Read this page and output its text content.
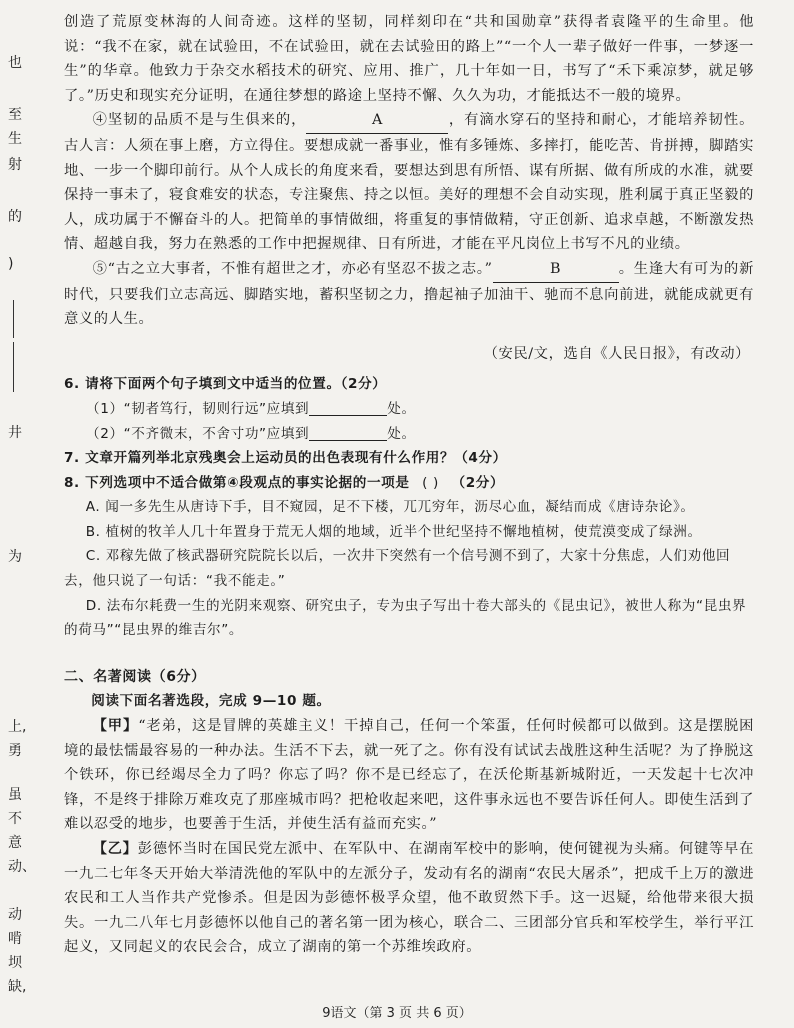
也
至
生
射
的
)
井
为
上,
勇
虽
不
意
动、
动
啃
坝
缺,

创造了荒原变林海的人间奇迹。这样的坚韧，同样刻印在“共和国勋章”获得者袁隆平的生命里。他说：“我不在家，就在试验田，不在试验田，就在去试验田的路上”“一个人一辈子做好一件事，一梦逐一生”的华章。他致力于杂交水稻技术的研究、应用、推广，几十年如一日，书写了“禾下乘凉梦，就足够了。”历史和现实充分证明，在通往梦想的路途上坚持不懈、久久为功，才能抵达不一般的境界。

④坚韧的品质不是与生俱来的，	A	，有滴水穿石的坚持和耐心，才能培养韧性。古人言：人须在事上磨，方立得住。要想成就一番事业，惟有多锤炼、多摔打，能吃苦、肯拼搏，脚踏实地、一步一个脚印前行。从个人成长的角度来看，要想达到思有所悟、谋有所据、做有所成的水准，就要保持一事未了，寝食难安的状态，专注聚焦、持之以恒。美好的理想不会自动实现，胜利属于真正坚毅的人，成功属于不懈奋斗的人。把简单的事情做细，将重复的事情做精，守正创新、追求卓越，不断激发热情、超越自我，努力在熟悉的工作中把握规律、日有所进，才能在平凡岗位上书写不凡的业绩。

⑤“古之立大事者，不惟有超世之才，亦必有坚忍不拔之志。”	B	。生逢大有可为的新时代，只要我们立志高远、脚踏实地，蓄积坚韧之力，撸起袖子加油干、驰而不息向前进，就能成就更有意义的人生。

（安民/文，选自《人民日报》，有改动）

6. 请将下面两个句子填到文中适当的位置。（2分）

（1）“韧者笃行，韧则行远”应填到	处。

（2）“不齐微末，不舍寸功”应填到	处。

7. 文章开篇列举北京残奥会上运动员的出色表现有什么作用？（4分）

8. 下列选项中不适合做第④段观点的事实论据的一项是 ( ) （2分）

A. 闻一多先生从唐诗下手，目不窥园，足不下楼，兀兀穷年，沥尽心血，凝结而成《唐诗杂论》。

B. 植树的牧羊人几十年置身于荒无人烟的地域，近半个世纪坚持不懈地植树，使荒漠变成了绿洲。

C. 邓稼先做了核武器研究院院长以后，一次井下突然有一个信号测不到了，大家十分焦虑，人们劝他回去，他只说了一句话：“我不能走。”

D. 法布尔耗费一生的光阴来观察、研究虫子，专为虫子写出十卷大部头的《昆虫记》，被世人称为“昆虫界的荷马”“昆虫界的维吉尔”。

二、名著阅读（6分）

阅读下面名著选段，完成 9—10 题。

【甲】“老弟，这是冒牌的英雄主义！干掉自己，任何一个笨蛋，任何时候都可以做到。这是摆脱困境的最怯懦最容易的一种办法。生活不下去，就一死了之。你有没有试试去战胜这种生活呢？为了挣脱这个铁环，你已经竭尽全力了吗？你忘了吗？你不是已经忘了，在沃伦斯基新城附近，一天发起十七次冲锋，不是终于排除万难攻克了那座城市吗？把枪收起来吧，这件事永远也不要告诉任何人。即使生活到了难以忍受的地步，也要善于生活，并使生活有益而充实。”

【乙】彭德怀当时在国民党左派中、在军队中、在湖南军校中的影响，使何键视为头痛。何键等早在一九二七年冬天开始大举清洗他的军队中的左派分子，发动有名的湖南“农民大屠杀”，把成千上万的激进农民和工人当作共产党惨杀。但是因为彭德怀极孚众望，他不敢贸然下手。这一迟疑，给他带来很大损失。一九二八年七月彭德怀以他自己的著名第一团为核心，联合二、三团部分官兵和军校学生，举行平江起义，又同起义的农民会合，成立了湖南的第一个苏维埃政府。

9语文（第 3 页 共 6 页）
